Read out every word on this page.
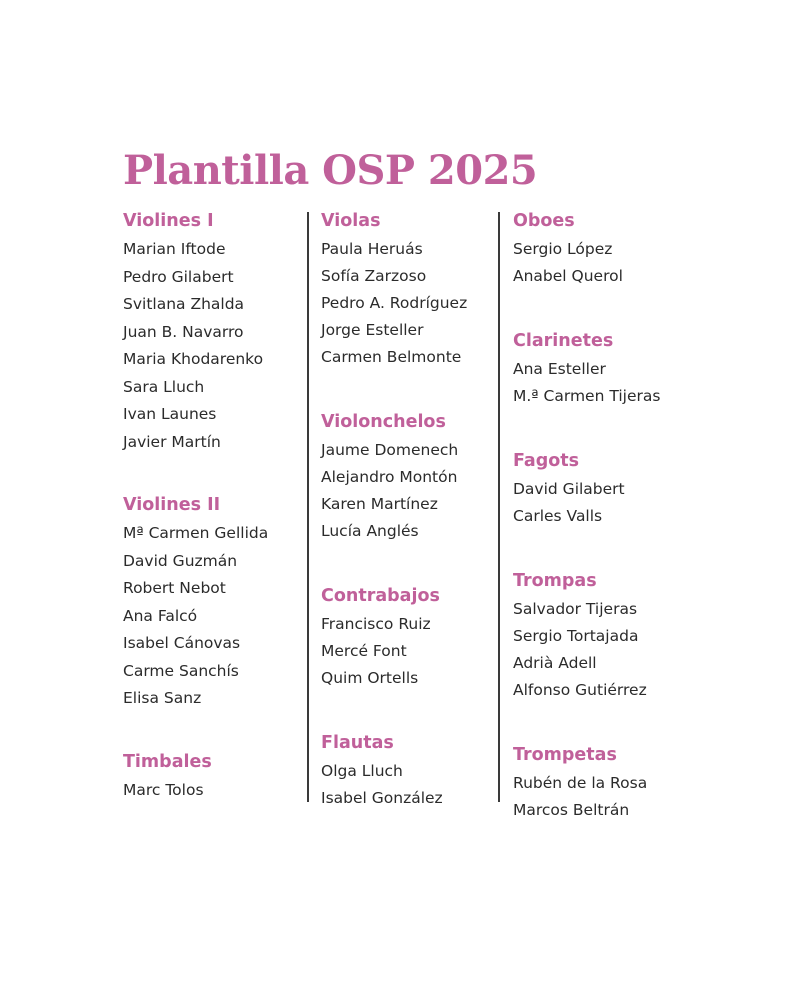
Plantilla OSP 2025
Violines I
Marian Iftode
Pedro Gilabert
Svitlana Zhalda
Juan B. Navarro
Maria Khodarenko
Sara Lluch
Ivan Launes
Javier Martín
Violines II
Mª Carmen Gellida
David Guzmán
Robert Nebot
Ana Falcó
Isabel Cánovas
Carme Sanchís
Elisa Sanz
Timbales
Marc Tolos
Violas
Paula Heruás
Sofía Zarzoso
Pedro A. Rodríguez
Jorge Esteller
Carmen Belmonte
Violonchelos
Jaume Domenech
Alejandro Montón
Karen Martínez
Lucía Anglés
Contrabajos
Francisco Ruiz
Mercé Font
Quim Ortells
Flautas
Olga Lluch
Isabel González
Oboes
Sergio López
Anabel Querol
Clarinetes
Ana Esteller
M.ª Carmen Tijeras
Fagots
David Gilabert
Carles Valls
Trompas
Salvador Tijeras
Sergio Tortajada
Adrià Adell
Alfonso Gutiérrez
Trompetas
Rubén de la Rosa
Marcos Beltrán
